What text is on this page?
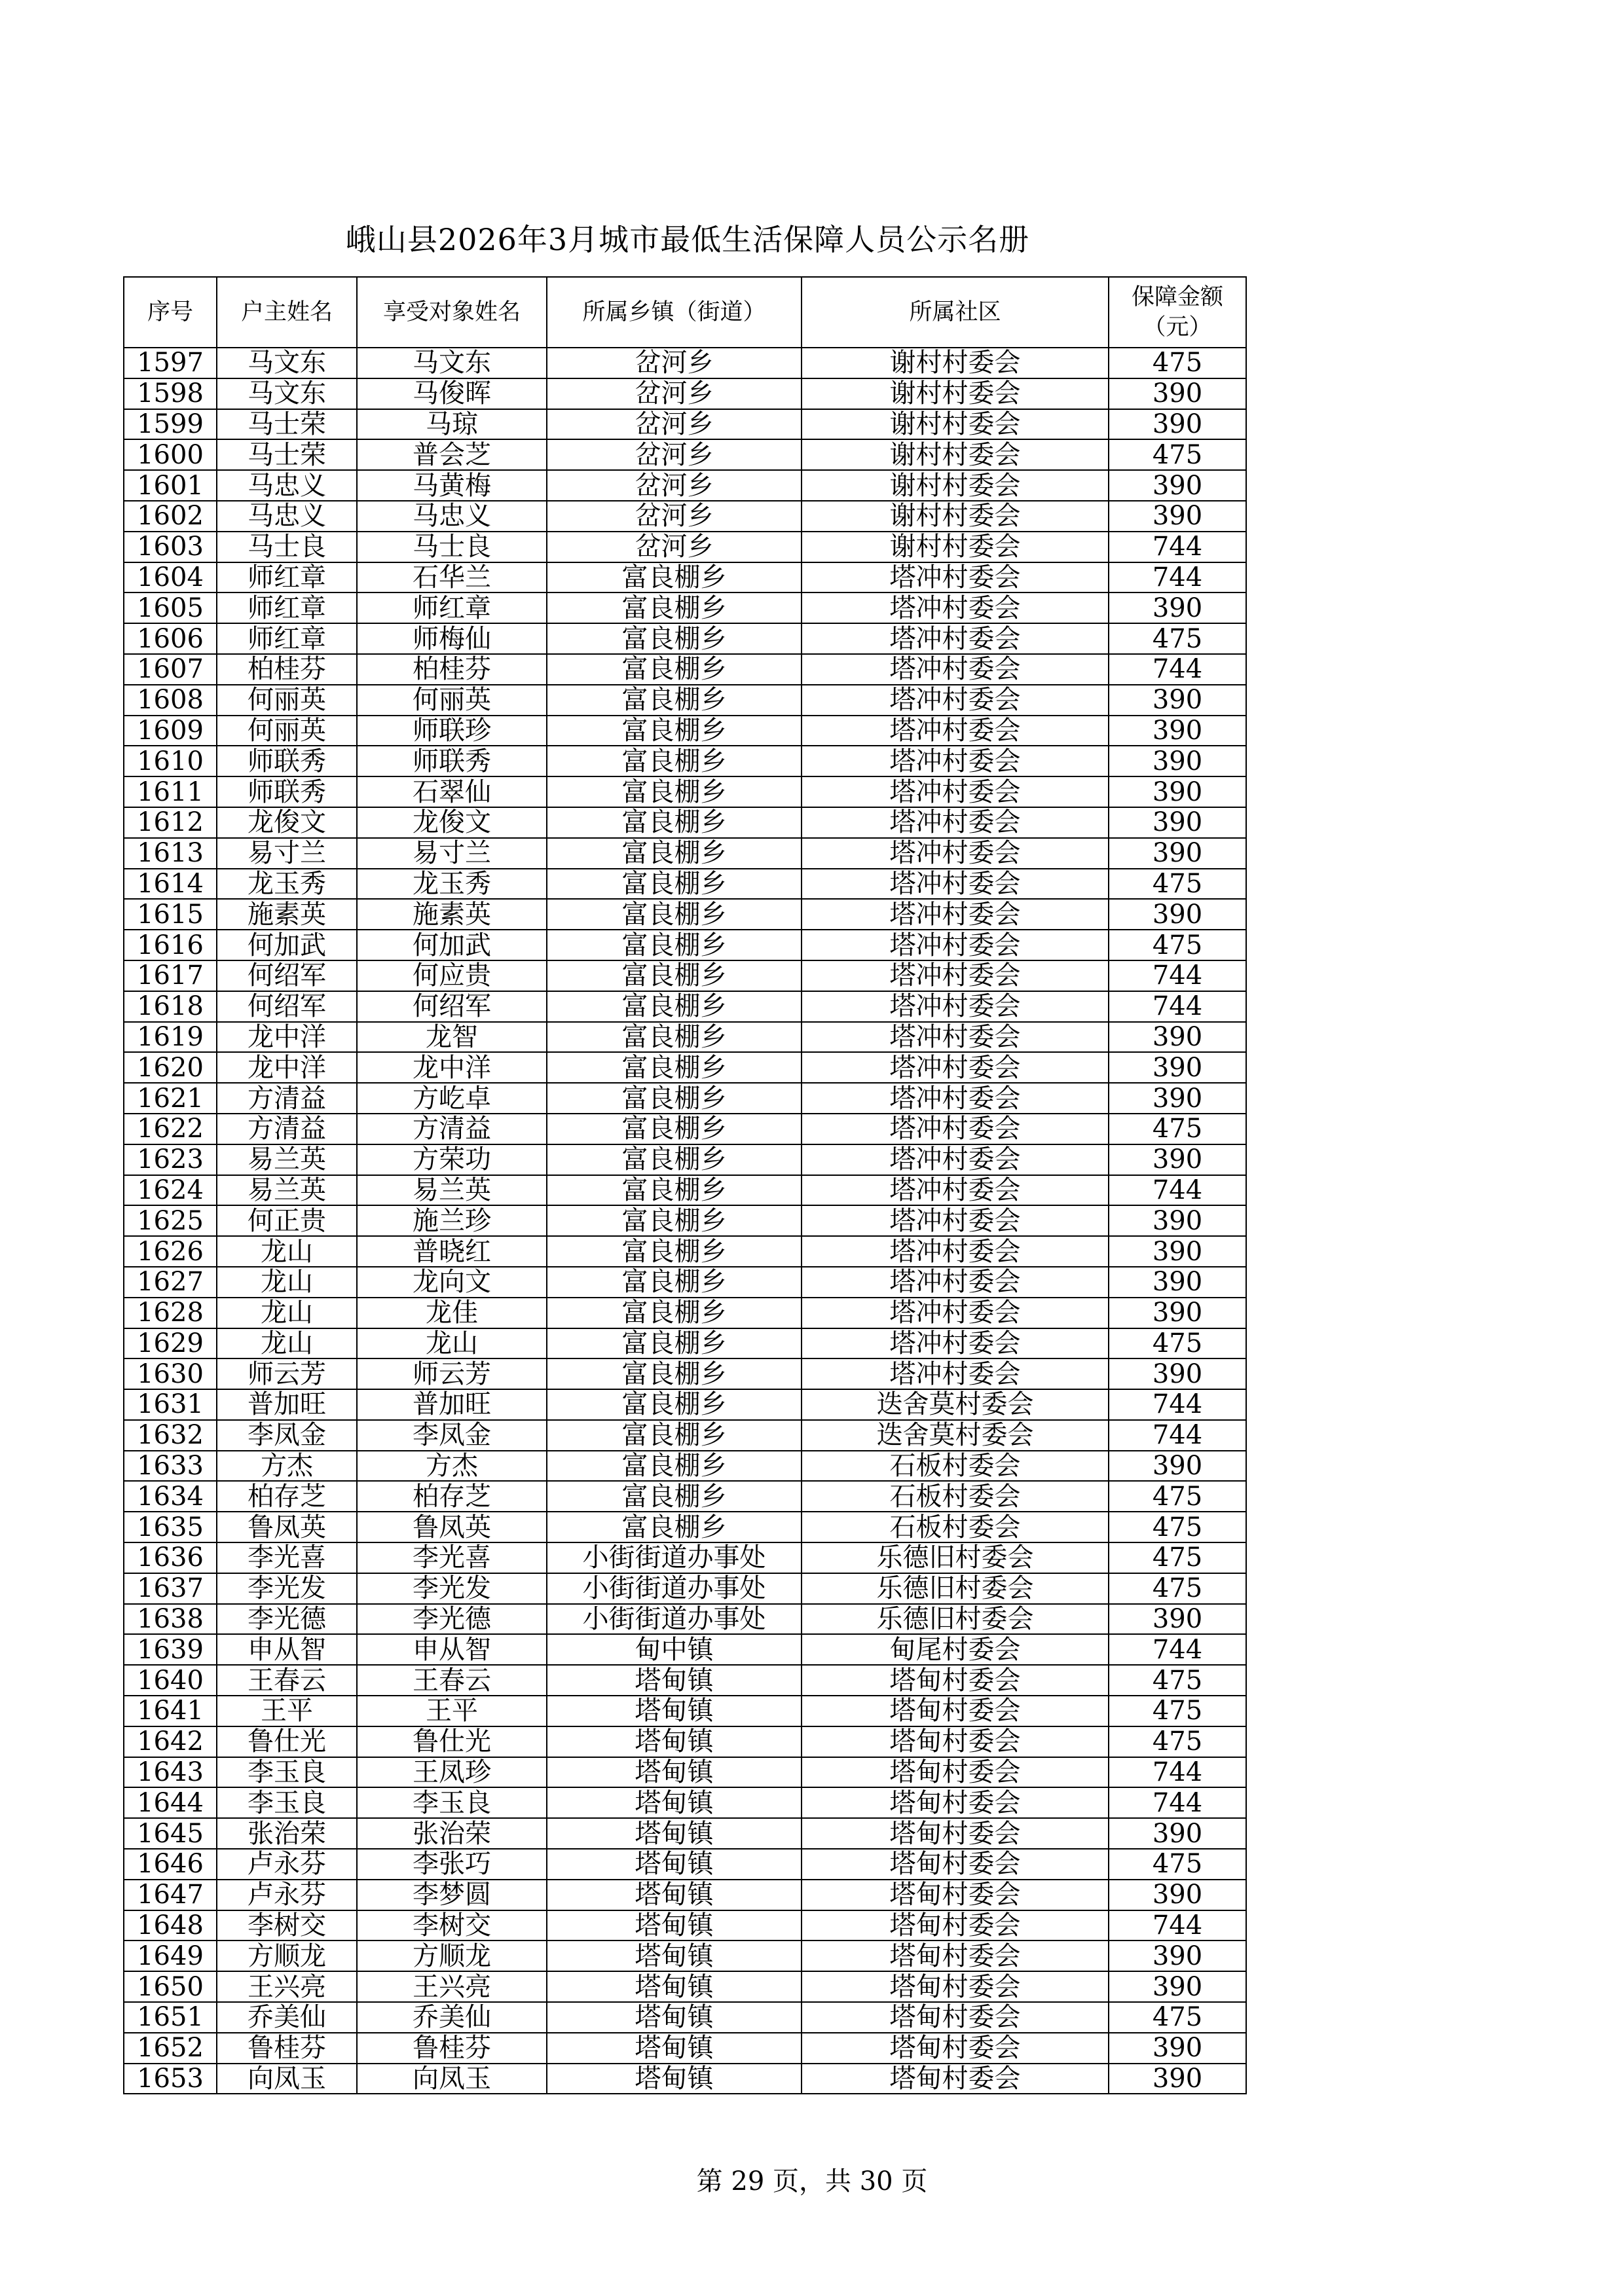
峨山县2026年3月城市最低生活保障人员公示名册
序号	户主姓名	享受对象姓名	所属乡镇（街道）	所属社区	保障金额
（元）

1597	马文东	马文东	岔河乡	谢村村委会	475
1598	马文东	马俊晖	岔河乡	谢村村委会	390
1599	马士荣	马琼	岔河乡	谢村村委会	390
1600	马士荣	普会芝	岔河乡	谢村村委会	475
1601	马忠义	马黄梅	岔河乡	谢村村委会	390
1602	马忠义	马忠义	岔河乡	谢村村委会	390
1603	马士良	马士良	岔河乡	谢村村委会	744
1604	师红章	石华兰	富良棚乡	塔冲村委会	744
1605	师红章	师红章	富良棚乡	塔冲村委会	390
1606	师红章	师梅仙	富良棚乡	塔冲村委会	475
1607	柏桂芬	柏桂芬	富良棚乡	塔冲村委会	744
1608	何丽英	何丽英	富良棚乡	塔冲村委会	390
1609	何丽英	师联珍	富良棚乡	塔冲村委会	390
1610	师联秀	师联秀	富良棚乡	塔冲村委会	390
1611	师联秀	石翠仙	富良棚乡	塔冲村委会	390
1612	龙俊文	龙俊文	富良棚乡	塔冲村委会	390
1613	易寸兰	易寸兰	富良棚乡	塔冲村委会	390
1614	龙玉秀	龙玉秀	富良棚乡	塔冲村委会	475
1615	施素英	施素英	富良棚乡	塔冲村委会	390
1616	何加武	何加武	富良棚乡	塔冲村委会	475
1617	何绍军	何应贵	富良棚乡	塔冲村委会	744
1618	何绍军	何绍军	富良棚乡	塔冲村委会	744
1619	龙中洋	龙智	富良棚乡	塔冲村委会	390
1620	龙中洋	龙中洋	富良棚乡	塔冲村委会	390
1621	方清益	方屹卓	富良棚乡	塔冲村委会	390
1622	方清益	方清益	富良棚乡	塔冲村委会	475
1623	易兰英	方荣功	富良棚乡	塔冲村委会	390
1624	易兰英	易兰英	富良棚乡	塔冲村委会	744
1625	何正贵	施兰珍	富良棚乡	塔冲村委会	390
1626	龙山	普晓红	富良棚乡	塔冲村委会	390
1627	龙山	龙向文	富良棚乡	塔冲村委会	390
1628	龙山	龙佳	富良棚乡	塔冲村委会	390
1629	龙山	龙山	富良棚乡	塔冲村委会	475
1630	师云芳	师云芳	富良棚乡	塔冲村委会	390
1631	普加旺	普加旺	富良棚乡	迭舍莫村委会	744
1632	李凤金	李凤金	富良棚乡	迭舍莫村委会	744
1633	方杰	方杰	富良棚乡	石板村委会	390
1634	柏存芝	柏存芝	富良棚乡	石板村委会	475
1635	鲁凤英	鲁凤英	富良棚乡	石板村委会	475
1636	李光喜	李光喜	小街街道办事处	乐德旧村委会	475
1637	李光发	李光发	小街街道办事处	乐德旧村委会	475
1638	李光德	李光德	小街街道办事处	乐德旧村委会	390
1639	申从智	申从智	甸中镇	甸尾村委会	744
1640	王春云	王春云	塔甸镇	塔甸村委会	475
1641	王平	王平	塔甸镇	塔甸村委会	475
1642	鲁仕光	鲁仕光	塔甸镇	塔甸村委会	475
1643	李玉良	王凤珍	塔甸镇	塔甸村委会	744
1644	李玉良	李玉良	塔甸镇	塔甸村委会	744
1645	张治荣	张治荣	塔甸镇	塔甸村委会	390
1646	卢永芬	李张巧	塔甸镇	塔甸村委会	475
1647	卢永芬	李梦圆	塔甸镇	塔甸村委会	390
1648	李树交	李树交	塔甸镇	塔甸村委会	744
1649	方顺龙	方顺龙	塔甸镇	塔甸村委会	390
1650	王兴亮	王兴亮	塔甸镇	塔甸村委会	390
1651	乔美仙	乔美仙	塔甸镇	塔甸村委会	475
1652	鲁桂芬	鲁桂芬	塔甸镇	塔甸村委会	390
1653	向凤玉	向凤玉	塔甸镇	塔甸村委会	390
第 29 页，共 30 页
